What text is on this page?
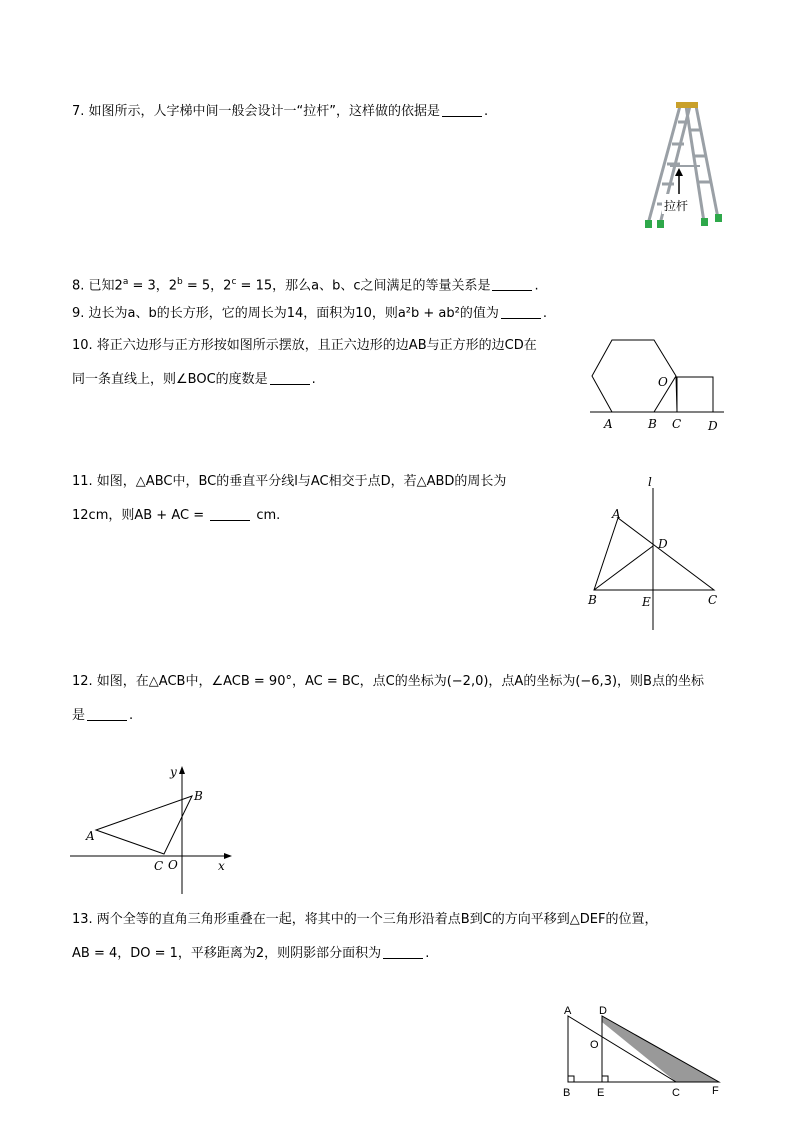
7. 如图所示，人字梯中间一般会设计一“拉杆”，这样做的依据是	.
拉杆
8. 已知$2^a = 3$，$2^b = 5$，$2^c = 15$，那么a、b、c之间满足的等量关系是	.
9. 边长为a、b的长方形，它的周长为14，面积为10，则a²b + ab²的值为	.
10. 将正六边形与正方形按如图所示摆放，且正六边形的边AB与正方形的边CD在
同一条直线上，则∠BOC的度数是	.	O
A	B C D
11. 如图，△ABC中，BC的垂直平分线l与AC相交于点D，若△ABD的周长为
12cm，则AB + AC =	cm.
l
A
D
B	E	C
12. 如图，在△ACB中，∠ACB = 90°，AC = BC，点C的坐标为(−2,0)，点A的坐标为(−6,3)，则B点的坐标
是	.
y
B
A
C O	x
13. 两个全等的直角三角形重叠在一起，将其中的一个三角形沿着点B到C的方向平移到△DEF的位置，
AB = 4，DO = 1，平移距离为2，则阴影部分面积为	.
A	D
O
B E	C	F
